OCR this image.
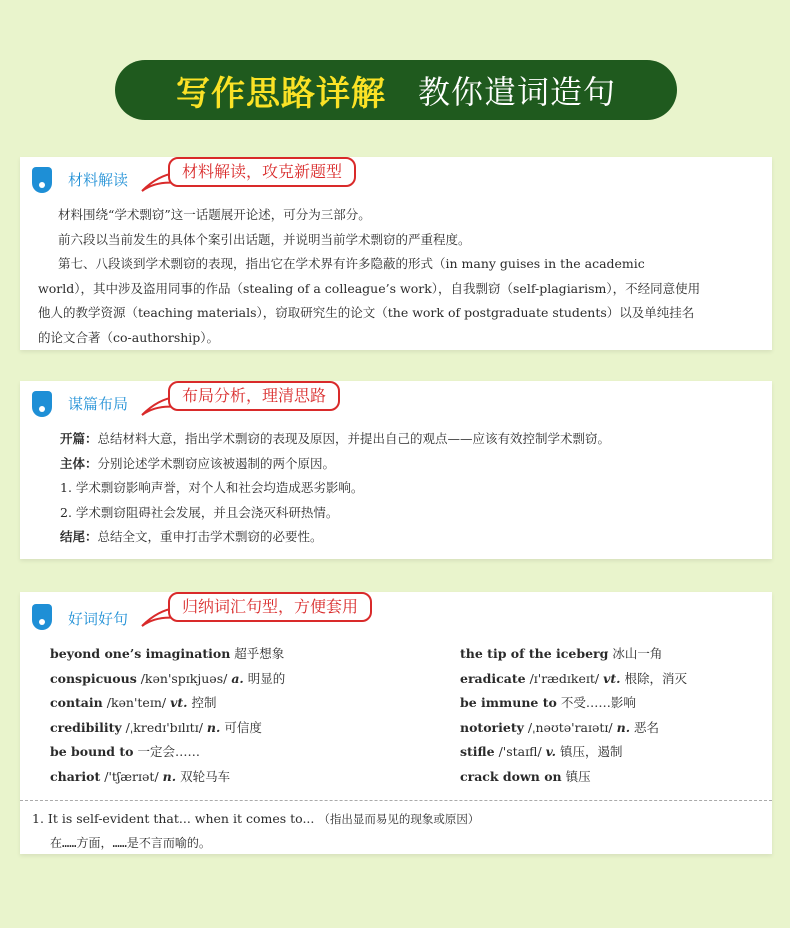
写作思路详解 教你遣词造句
材料解读	材料解读，攻克新题型

材料围绕“学术剽窃”这一话题展开论述，可分为三部分。

前六段以当前发生的具体个案引出话题，并说明当前学术剽窃的严重程度。

第七、八段谈到学术剽窃的表现，指出它在学术界有许多隐蔽的形式（in many guises in the academic

world），其中涉及盗用同事的作品（stealing of a colleague’s work），自我剽窃（self-plagiarism），不经同意使用

他人的教学资源（teaching materials），窃取研究生的论文（the work of postgraduate students）以及单纯挂名

的论文合著（co-authorship）。

谋篇布局	布局分析，理清思路

开篇：总结材料大意，指出学术剽窃的表现及原因，并提出自己的观点——应该有效控制学术剽窃。

主体：分别论述学术剽窃应该被遏制的两个原因。

1. 学术剽窃影响声誉，对个人和社会均造成恶劣影响。

2. 学术剽窃阻碍社会发展，并且会浇灭科研热情。

结尾：总结全文，重申打击学术剽窃的必要性。

好词好句
归纳词汇句型，方便套用
beyond one’s imagination 超乎想象	the tip of the iceberg 冰山一角
conspicuous /kən'spɪkjuəs/ a. 明显的	eradicate /ɪ'rædɪkeɪt/ vt. 根除，消灭
contain /kən'teɪn/ vt. 控制	be immune to 不受……影响
credibility /ˌkredɪ'bɪlɪtɪ/ n. 可信度	notoriety /ˌnəʊtə'raɪətɪ/ n. 恶名
be bound to 一定会……	stifle /'staɪfl/ v. 镇压，遏制
chariot /'tʃærɪət/ n. 双轮马车	crack down on 镇压
1. It is self-evident that... when it comes to... （指出显而易见的现象或原因）
在……方面，……是不言而喻的。
